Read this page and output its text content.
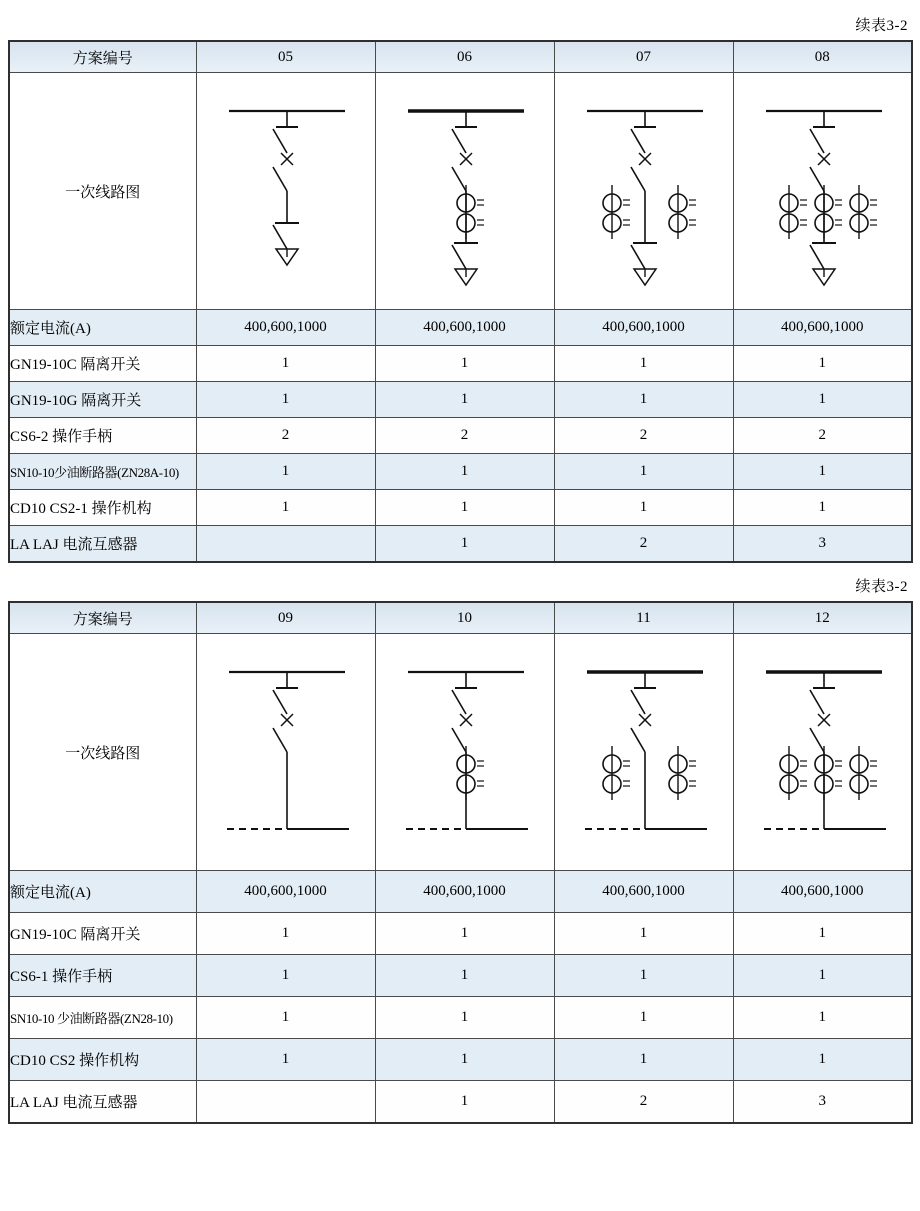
续表3-2
方案编号	05	06	07	08
一次线路图	

额定电流(A)	400,600,1000	400,600,1000	400,600,1000	400,600,1000
GN19-10C 隔离开关	1	1	1	1
GN19-10G 隔离开关	1	1	1	1
CS6-2 操作手柄	2	2	2	2
SN10-10少油断路器(ZN28A-10)	1	1	1	1
CD10 CS2-1 操作机构	1	1	1	1
LA LAJ 电流互感器		1	2	3
续表3-2
方案编号	09	10	11	12
一次线路图	

额定电流(A)	400,600,1000	400,600,1000	400,600,1000	400,600,1000
GN19-10C 隔离开关	1	1	1	1
CS6-1 操作手柄	1	1	1	1
SN10-10 少油断路器(ZN28-10)	1	1	1	1
CD10 CS2 操作机构	1	1	1	1
LA LAJ 电流互感器		1	2	3
